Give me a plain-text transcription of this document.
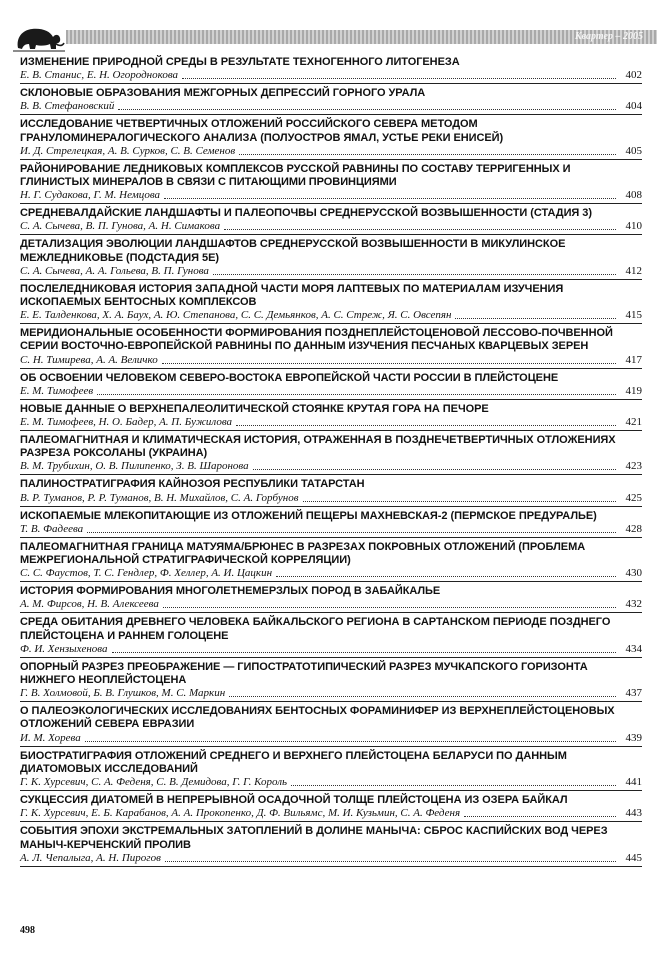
Квартер – 2005
ИЗМЕНЕНИЕ ПРИРОДНОЙ СРЕДЫ В РЕЗУЛЬТАТЕ ТЕХНОГЕННОГО ЛИТОГЕНЕЗА
Е. В. Станис, Е. Н. Огороднокова	402
СКЛОНОВЫЕ ОБРАЗОВАНИЯ МЕЖГОРНЫХ ДЕПРЕССИЙ ГОРНОГО УРАЛА
В. В. Стефановский	404
ИССЛЕДОВАНИЕ ЧЕТВЕРТИЧНЫХ ОТЛОЖЕНИЙ РОССИЙСКОГО СЕВЕРА МЕТОДОМ ГРАНУЛОМИНЕРАЛОГИЧЕСКОГО АНАЛИЗА (ПОЛУОСТРОВ ЯМАЛ, УСТЬЕ РЕКИ ЕНИСЕЙ)
И. Д. Стрелецкая, А. В. Сурков, С. В. Семенов	405
РАЙОНИРОВАНИЕ ЛЕДНИКОВЫХ КОМПЛЕКСОВ РУССКОЙ РАВНИНЫ ПО СОСТАВУ ТЕРРИГЕННЫХ И ГЛИНИСТЫХ МИНЕРАЛОВ В СВЯЗИ С ПИТАЮЩИМИ ПРОВИНЦИЯМИ
Н. Г. Судакова, Г. М. Немцова	408
СРЕДНЕВАЛДАЙСКИЕ ЛАНДШАФТЫ И ПАЛЕОПОЧВЫ СРЕДНЕРУССКОЙ ВОЗВЫШЕННОСТИ (СТАДИЯ 3)
С. А. Сычева, В. П. Гунова, А. Н. Симакова	410
ДЕТАЛИЗАЦИЯ ЭВОЛЮЦИИ ЛАНДШАФТОВ СРЕДНЕРУССКОЙ ВОЗВЫШЕННОСТИ В МИКУЛИНСКОЕ МЕЖЛЕДНИКОВЬЕ (ПОДСТАДИЯ 5Е)
С. А. Сычева, А. А. Гольева, В. П. Гунова	412
ПОСЛЕЛЕДНИКОВАЯ ИСТОРИЯ ЗАПАДНОЙ ЧАСТИ МОРЯ ЛАПТЕВЫХ ПО МАТЕРИАЛАМ ИЗУЧЕНИЯ ИСКОПАЕМЫХ БЕНТОСНЫХ КОМПЛЕКСОВ
Е. Е. Талденкова, Х. А. Баух, А. Ю. Степанова, С. С. Демьянков, А. С. Стреж, Я. С. Овсепян	415
МЕРИДИОНАЛЬНЫЕ ОСОБЕННОСТИ ФОРМИРОВАНИЯ ПОЗДНЕПЛЕЙСТОЦЕНОВОЙ ЛЕССОВО-ПОЧВЕННОЙ СЕРИИ ВОСТОЧНО-ЕВРОПЕЙСКОЙ РАВНИНЫ ПО ДАННЫМ ИЗУЧЕНИЯ ПЕСЧАНЫХ КВАРЦЕВЫХ ЗЕРЕН
С. Н. Тимирева, А. А. Величко	417
ОБ ОСВОЕНИИ ЧЕЛОВЕКОМ СЕВЕРО-ВОСТОКА ЕВРОПЕЙСКОЙ ЧАСТИ РОССИИ В ПЛЕЙСТОЦЕНЕ
Е. М. Тимофеев	419
НОВЫЕ ДАННЫЕ О ВЕРХНЕПАЛЕОЛИТИЧЕСКОЙ СТОЯНКЕ КРУТАЯ ГОРА НА ПЕЧОРЕ
Е. М. Тимофеев, Н. О. Бадер, А. П. Бужилова	421
ПАЛЕОМАГНИТНАЯ И КЛИМАТИЧЕСКАЯ ИСТОРИЯ, ОТРАЖЕННАЯ В ПОЗДНЕЧЕТВЕРТИЧНЫХ ОТЛОЖЕНИЯХ РАЗРЕЗА РОКСОЛАНЫ (УКРАИНА)
В. М. Трубихин, О. В. Пилипенко, З. В. Шаронова	423
ПАЛИНОСТРАТИГРАФИЯ КАЙНОЗОЯ РЕСПУБЛИКИ ТАТАРСТАН
В. Р. Туманов, Р. Р. Туманов, В. Н. Михайлов, С. А. Горбунов	425
ИСКОПАЕМЫЕ МЛЕКОПИТАЮЩИЕ ИЗ ОТЛОЖЕНИЙ ПЕЩЕРЫ МАХНЕВСКАЯ-2 (ПЕРМСКОЕ ПРЕДУРАЛЬЕ)
Т. В. Фадеева	428
ПАЛЕОМАГНИТНАЯ ГРАНИЦА МАТУЯМА/БРЮНЕС В РАЗРЕЗАХ ПОКРОВНЫХ ОТЛОЖЕНИЙ (ПРОБЛЕМА МЕЖРЕГИОНАЛЬНОЙ СТРАТИГРАФИЧЕСКОЙ КОРРЕЛЯЦИИ)
С. С. Фаустов, Т. С. Гендлер, Ф. Хеллер, А. И. Цацкин	430
ИСТОРИЯ ФОРМИРОВАНИЯ МНОГОЛЕТНЕМЕРЗЛЫХ ПОРОД В ЗАБАЙКАЛЬЕ
А. М. Фирсов, Н. В. Алексеева	432
СРЕДА ОБИТАНИЯ ДРЕВНЕГО ЧЕЛОВЕКА БАЙКАЛЬСКОГО РЕГИОНА В САРТАНСКОМ ПЕРИОДЕ ПОЗДНЕГО ПЛЕЙСТОЦЕНА И РАННЕМ ГОЛОЦЕНЕ
Ф. И. Хензыхенова	434
ОПОРНЫЙ РАЗРЕЗ ПРЕОБРАЖЕНИЕ — ГИПОСТРАТОТИПИЧЕСКИЙ РАЗРЕЗ МУЧКАПСКОГО ГОРИЗОНТА НИЖНЕГО НЕОПЛЕЙСТОЦЕНА
Г. В. Холмовой, Б. В. Глушков, М. С. Маркин	437
О ПАЛЕОЭКОЛОГИЧЕСКИХ ИССЛЕДОВАНИЯХ БЕНТОСНЫХ ФОРАМИНИФЕР ИЗ ВЕРХНЕПЛЕЙСТОЦЕНОВЫХ ОТЛОЖЕНИЙ СЕВЕРА ЕВРАЗИИ
И. М. Хорева	439
БИОСТРАТИГРАФИЯ ОТЛОЖЕНИЙ СРЕДНЕГО И ВЕРХНЕГО ПЛЕЙСТОЦЕНА БЕЛАРУСИ ПО ДАННЫМ ДИАТОМОВЫХ ИССЛЕДОВАНИЙ
Г. К. Хурсевич, С. А. Феденя, С. В. Демидова, Г. Г. Король	441
СУКЦЕССИЯ ДИАТОМЕЙ В НЕПРЕРЫВНОЙ ОСАДОЧНОЙ ТОЛЩЕ ПЛЕЙСТОЦЕНА ИЗ ОЗЕРА БАЙКАЛ
Г. К. Хурсевич, Е. Б. Карабанов, А. А. Прокопенко, Д. Ф. Вильямс, М. И. Кузьмин, С. А. Феденя	443
СОБЫТИЯ ЭПОХИ ЭКСТРЕМАЛЬНЫХ ЗАТОПЛЕНИЙ В ДОЛИНЕ МАНЫЧА: СБРОС КАСПИЙСКИХ ВОД ЧЕРЕЗ МАНЫЧ-КЕРЧЕНСКИЙ ПРОЛИВ
А. Л. Чепалыга, А. Н. Пирогов	445
498
